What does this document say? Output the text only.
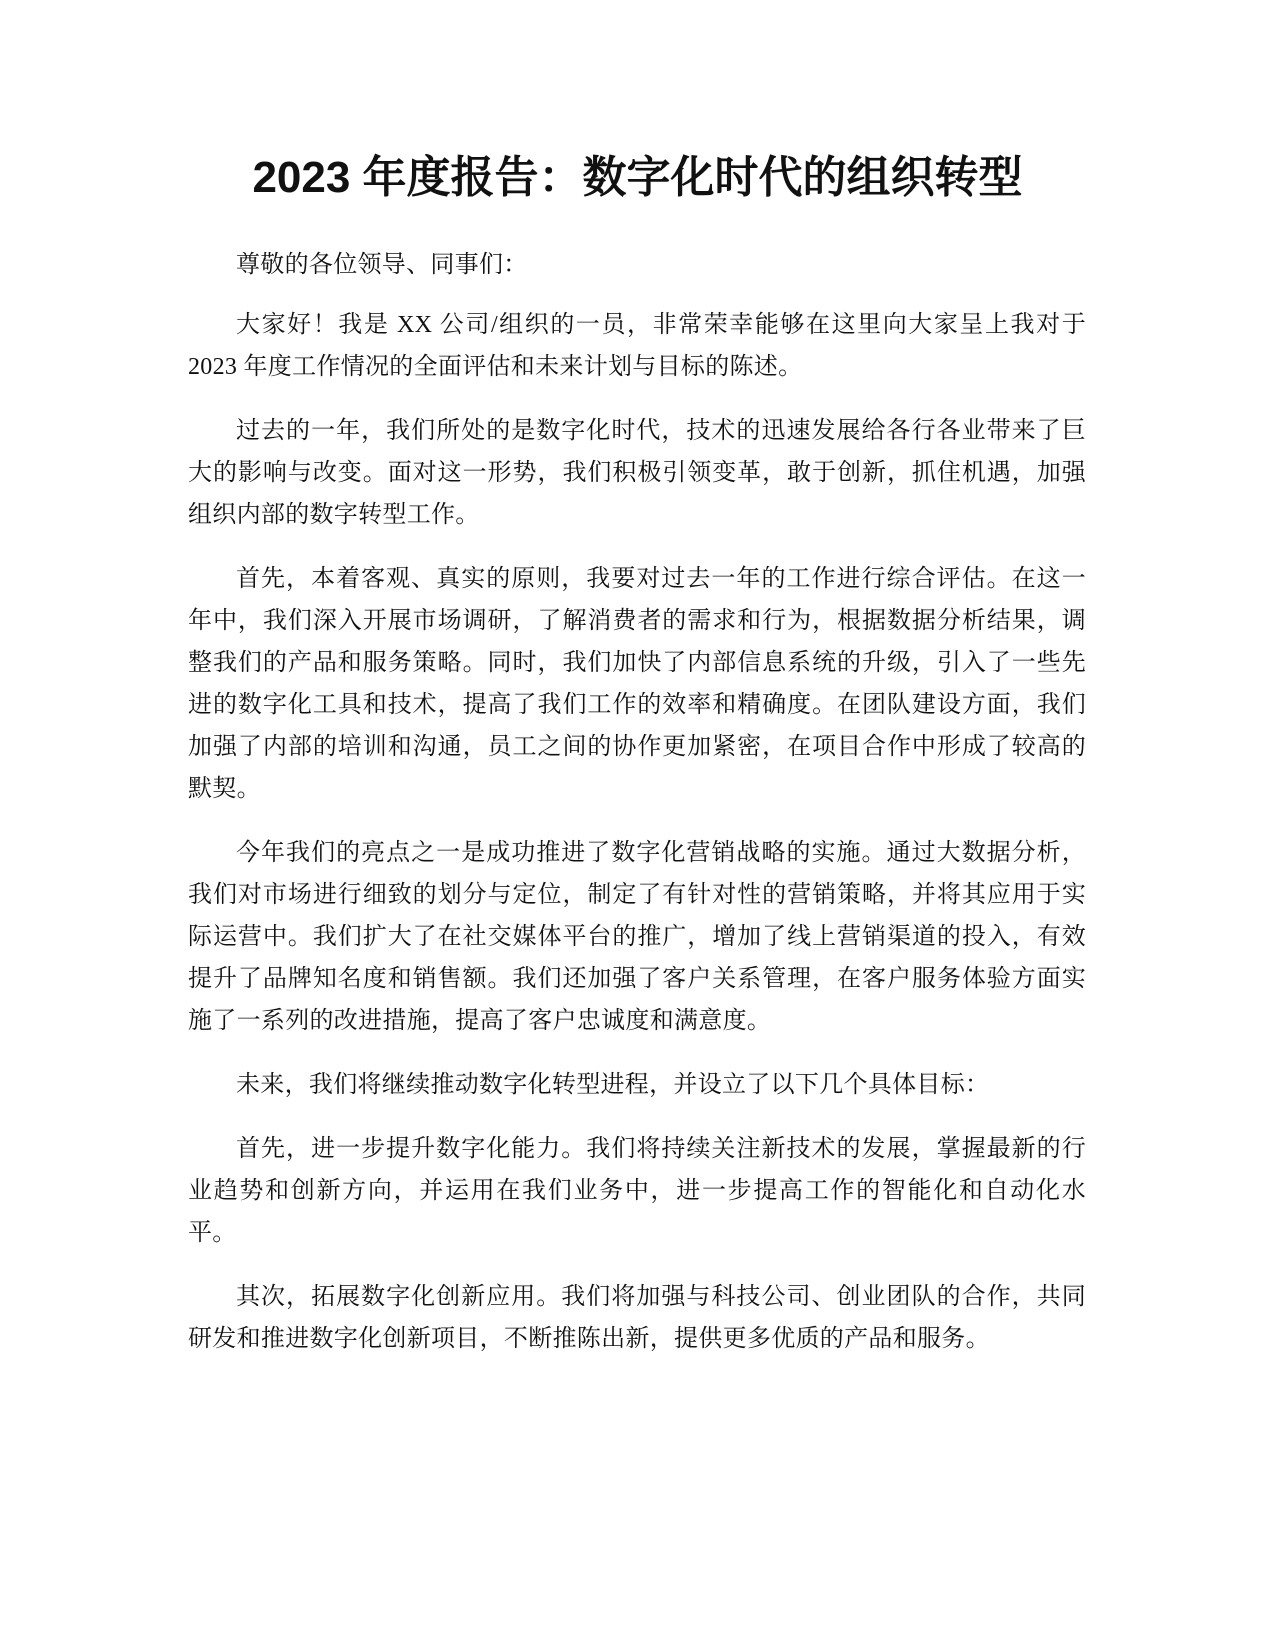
2023 年度报告：数字化时代的组织转型

尊敬的各位领导、同事们：

大家好！我是 XX 公司/组织的一员，非常荣幸能够在这里向大家呈上我对于 2023 年度工作情况的全面评估和未来计划与目标的陈述。

过去的一年，我们所处的是数字化时代，技术的迅速发展给各行各业带来了巨大的影响与改变。面对这一形势，我们积极引领变革，敢于创新，抓住机遇，加强组织内部的数字转型工作。

首先，本着客观、真实的原则，我要对过去一年的工作进行综合评估。在这一年中，我们深入开展市场调研，了解消费者的需求和行为，根据数据分析结果，调整我们的产品和服务策略。同时，我们加快了内部信息系统的升级，引入了一些先进的数字化工具和技术，提高了我们工作的效率和精确度。在团队建设方面，我们加强了内部的培训和沟通，员工之间的协作更加紧密，在项目合作中形成了较高的默契。

今年我们的亮点之一是成功推进了数字化营销战略的实施。通过大数据分析，我们对市场进行细致的划分与定位，制定了有针对性的营销策略，并将其应用于实际运营中。我们扩大了在社交媒体平台的推广，增加了线上营销渠道的投入，有效提升了品牌知名度和销售额。我们还加强了客户关系管理，在客户服务体验方面实施了一系列的改进措施，提高了客户忠诚度和满意度。

未来，我们将继续推动数字化转型进程，并设立了以下几个具体目标：

首先，进一步提升数字化能力。我们将持续关注新技术的发展，掌握最新的行业趋势和创新方向，并运用在我们业务中，进一步提高工作的智能化和自动化水平。

其次，拓展数字化创新应用。我们将加强与科技公司、创业团队的合作，共同研发和推进数字化创新项目，不断推陈出新，提供更多优质的产品和服务。
